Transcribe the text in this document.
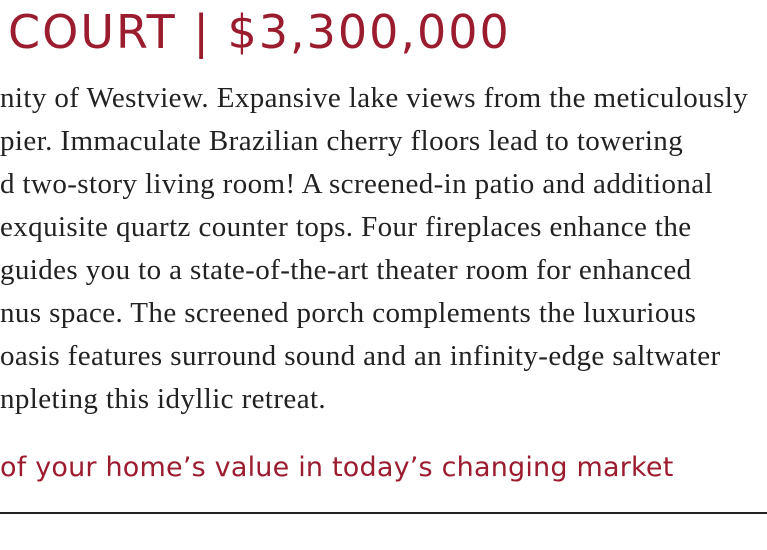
COURT | $3,300,000
nity of Westview. Expansive lake views from the meticulously
pier. Immaculate Brazilian cherry floors lead to towering
d two-story living room! A screened-in patio and additional
exquisite quartz counter tops. Four fireplaces enhance the
guides you to a state-of-the-art theater room for enhanced
nus space. The screened porch complements the luxurious
oasis features surround sound and an infinity-edge saltwater
npleting this idyllic retreat.

of your home’s value in today’s changing market
